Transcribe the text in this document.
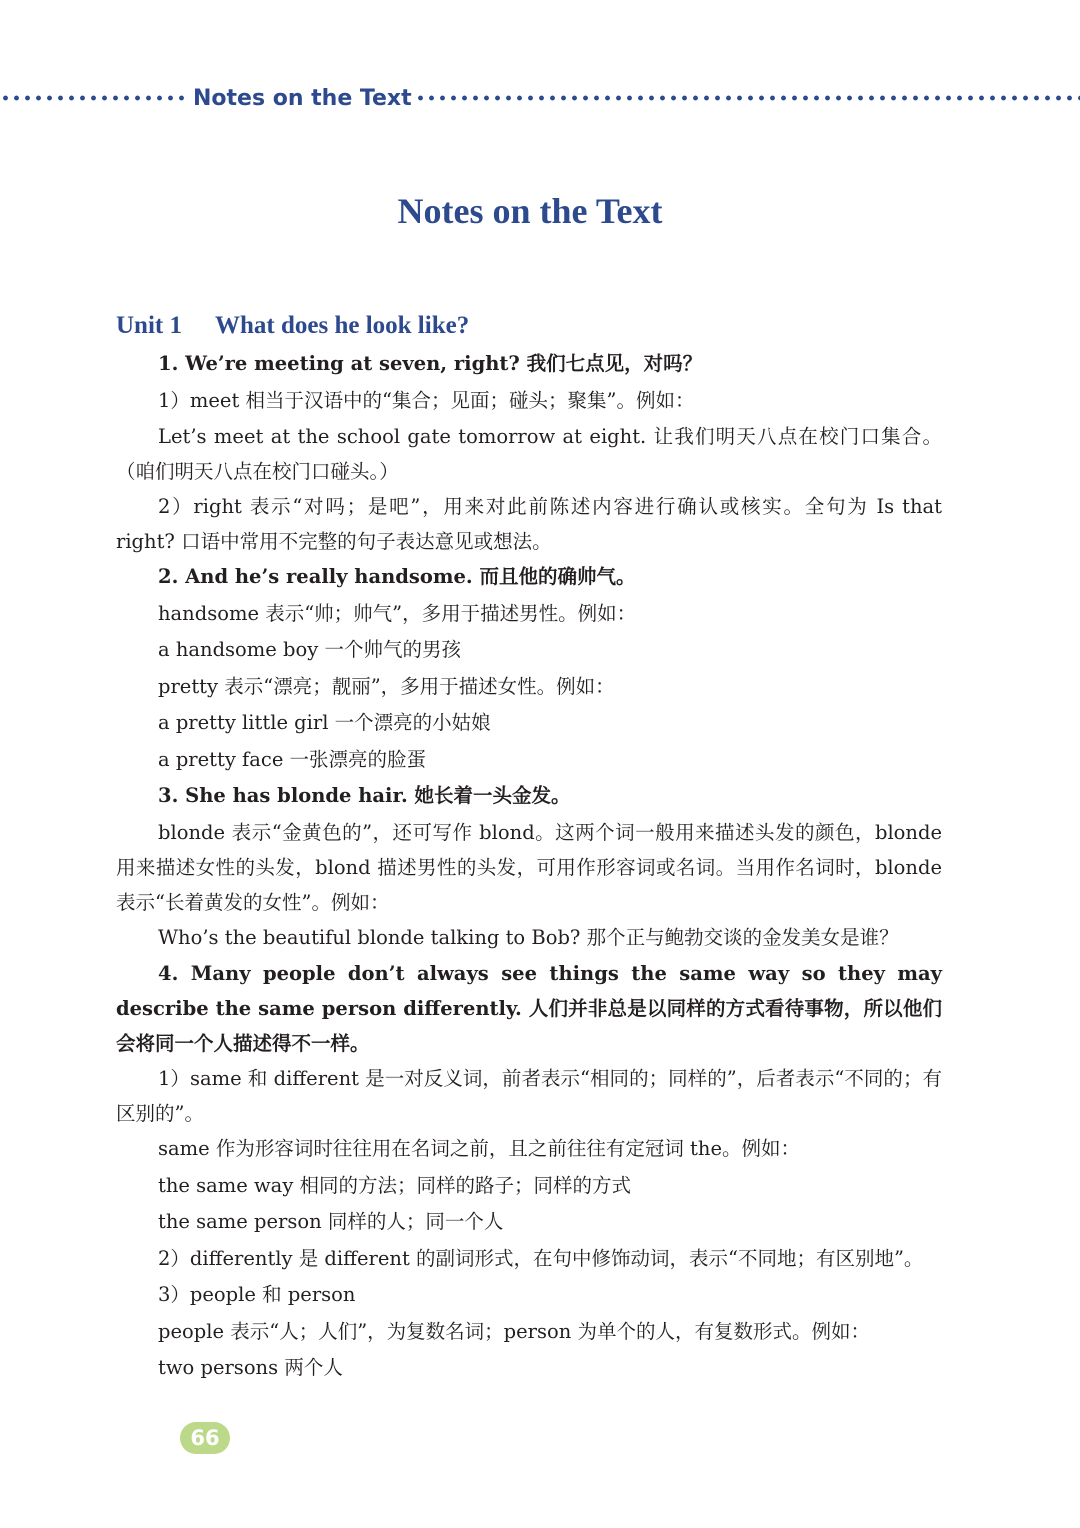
Notes on the Text
Notes on the Text
Unit 1 What does he look like?

1. We’re meeting at seven, right? 我们七点见，对吗？

1）meet 相当于汉语中的“集合；见面；碰头；聚集”。例如：

Let’s meet at the school gate tomorrow at eight. 让我们明天八点在校门口集合。（咱们明天八点在校门口碰头。）

2）right 表示“对吗；是吧”，用来对此前陈述内容进行确认或核实。全句为 Is that right? 口语中常用不完整的句子表达意见或想法。

2. And he’s really handsome. 而且他的确帅气。

handsome 表示“帅；帅气”，多用于描述男性。例如：

a handsome boy 一个帅气的男孩

pretty 表示“漂亮；靓丽”，多用于描述女性。例如：

a pretty little girl 一个漂亮的小姑娘

a pretty face 一张漂亮的脸蛋

3. She has blonde hair. 她长着一头金发。

blonde 表示“金黄色的”，还可写作 blond。这两个词一般用来描述头发的颜色，blonde 用来描述女性的头发，blond 描述男性的头发，可用作形容词或名词。当用作名词时，blonde 表示“长着黄发的女性”。例如：

Who’s the beautiful blonde talking to Bob? 那个正与鲍勃交谈的金发美女是谁？

4. Many people don’t always see things the same way so they may describe the same person differently. 人们并非总是以同样的方式看待事物，所以他们会将同一个人描述得不一样。

1）same 和 different 是一对反义词，前者表示“相同的；同样的”，后者表示“不同的；有区别的”。

same 作为形容词时往往用在名词之前，且之前往往有定冠词 the。例如：

the same way 相同的方法；同样的路子；同样的方式

the same person 同样的人；同一个人

2）differently 是 different 的副词形式，在句中修饰动词，表示“不同地；有区别地”。

3）people 和 person

people 表示“人；人们”，为复数名词；person 为单个的人，有复数形式。例如：

two persons 两个人

66
